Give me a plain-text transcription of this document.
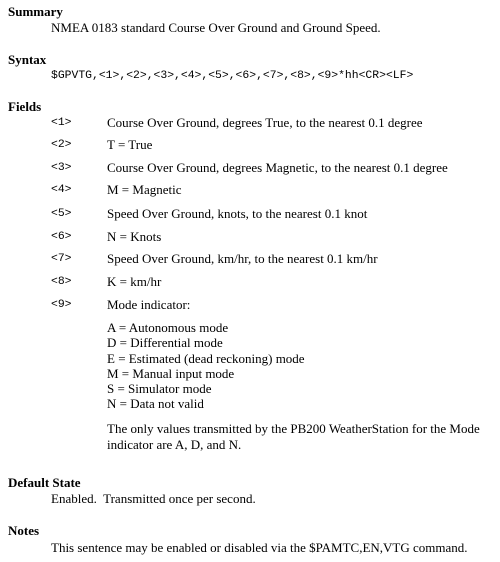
Summary
NMEA 0183 standard Course Over Ground and Ground Speed.
Syntax
$GPVTG,<1>,<2>,<3>,<4>,<5>,<6>,<7>,<8>,<9>*hh<CR><LF>
Fields
<1>	Course Over Ground, degrees True, to the nearest 0.1 degree
<2>	T = True
<3>	Course Over Ground, degrees Magnetic, to the nearest 0.1 degree
<4>	M = Magnetic
<5>	Speed Over Ground, knots, to the nearest 0.1 knot
<6>	N = Knots
<7>	Speed Over Ground, km/hr, to the nearest 0.1 km/hr
<8>	K = km/hr
<9>	Mode indicator:
A = Autonomous mode
D = Differential mode
E = Estimated (dead reckoning) mode
M = Manual input mode
S = Simulator mode
N = Data not valid
The only values transmitted by the PB200 WeatherStation for the Mode indicator are A, D, and N.
Default State
Enabled.  Transmitted once per second.
Notes
This sentence may be enabled or disabled via the $PAMTC,EN,VTG command.
